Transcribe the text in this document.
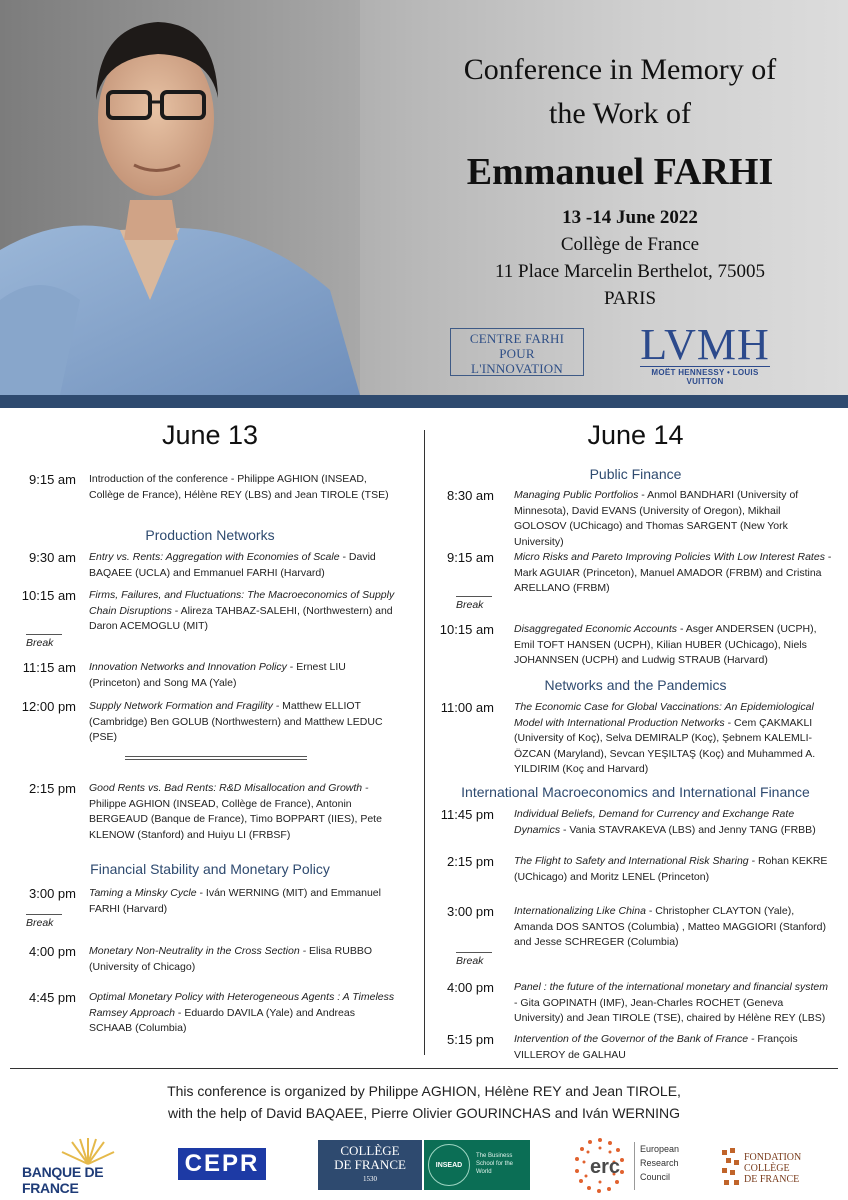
Conference in Memory of
the Work of
Emmanuel FARHI
13 -14 June 2022
Collège de France
11 Place Marcelin Berthelot, 75005
PARIS
CENTRE FARHI
POUR
L'INNOVATION	LVMH
MOËT HENNESSY • LOUIS VUITTON
June 13
9:15 am Introduction of the conference - Philippe AGHION (INSEAD, Collège de France), Hélène REY (LBS) and Jean TIROLE (TSE)
Production Networks
9:30 am Entry vs. Rents: Aggregation with Economies of Scale - David BAQAEE (UCLA) and Emmanuel FARHI (Harvard)
10:15 am Firms, Failures, and Fluctuations: The Macroeconomics of Supply Chain Disruptions - Alireza TAHBAZ-SALEHI, (Northwestern) and Daron ACEMOGLU (MIT)
Break
11:15 am Innovation Networks and Innovation Policy - Ernest LIU (Princeton) and Song MA (Yale)
12:00 pm Supply Network Formation and Fragility - Matthew ELLIOT (Cambridge) Ben GOLUB (Northwestern) and Matthew LEDUC (PSE)
2:15 pm Good Rents vs. Bad Rents: R&D Misallocation and Growth - Philippe AGHION (INSEAD, Collège de France), Antonin BERGEAUD (Banque de France), Timo BOPPART (IIES), Pete KLENOW (Stanford) and Huiyu LI (FRBSF)
Financial Stability and Monetary Policy
3:00 pm Taming a Minsky Cycle - Iván WERNING (MIT) and Emmanuel FARHI (Harvard)
Break
4:00 pm Monetary Non-Neutrality in the Cross Section - Elisa RUBBO (University of Chicago)
4:45 pm Optimal Monetary Policy with Heterogeneous Agents : A Timeless Ramsey Approach - Eduardo DAVILA (Yale) and Andreas SCHAAB (Columbia)
June 14
Public Finance
8:30 am Managing Public Portfolios - Anmol BANDHARI (University of Minnesota), David EVANS (University of Oregon), Mikhail GOLOSOV (UChicago) and Thomas SARGENT (New York University)
9:15 am Micro Risks and Pareto Improving Policies With Low Interest Rates - Mark AGUIAR (Princeton), Manuel AMADOR (FRBM) and Cristina ARELLANO (FRBM)
Break
10:15 am Disaggregated Economic Accounts - Asger ANDERSEN (UCPH), Emil TOFT HANSEN (UCPH), Kilian HUBER (UChicago), Niels JOHANNSEN (UCPH) and Ludwig STRAUB (Harvard)
Networks and the Pandemics
11:00 am The Economic Case for Global Vaccinations: An Epidemiological Model with International Production Networks - Cem ÇAKMAKLI (University of Koç), Selva DEMIRALP (Koç), Şebnem KALEMLI-ÖZCAN (Maryland), Sevcan YEŞILTAŞ (Koç) and Muhammed A. YILDIRIM (Koç and Harvard)
International Macroeconomics and International Finance
11:45 pm Individual Beliefs, Demand for Currency and Exchange Rate Dynamics - Vania STAVRAKEVA (LBS) and Jenny TANG (FRBB)
2:15 pm The Flight to Safety and International Risk Sharing - Rohan KEKRE (UChicago) and Moritz LENEL (Princeton)
3:00 pm Internationalizing Like China - Christopher CLAYTON (Yale), Amanda DOS SANTOS (Columbia) , Matteo MAGGIORI (Stanford) and Jesse SCHREGER (Columbia)
Break
4:00 pm Panel : the future of the international monetary and financial system - Gita GOPINATH (IMF), Jean-Charles ROCHET (Geneva University) and Jean TIROLE (TSE), chaired by Hélène REY (LBS)
5:15 pm Intervention of the Governor of the Bank of France - François VILLEROY de GALHAU
This conference is organized by Philippe AGHION, Hélène REY and Jean TIROLE,
with the help of David BAQAEE, Pierre Olivier GOURINCHAS and Iván WERNING
BANQUE DE FRANCE
CEPR	COLLÈGE
DE FRANCE
1530
INSEAD
The Business School for the World	erc
European
Research
Council
FONDATION
COLLÈGE
DE FRANCE
